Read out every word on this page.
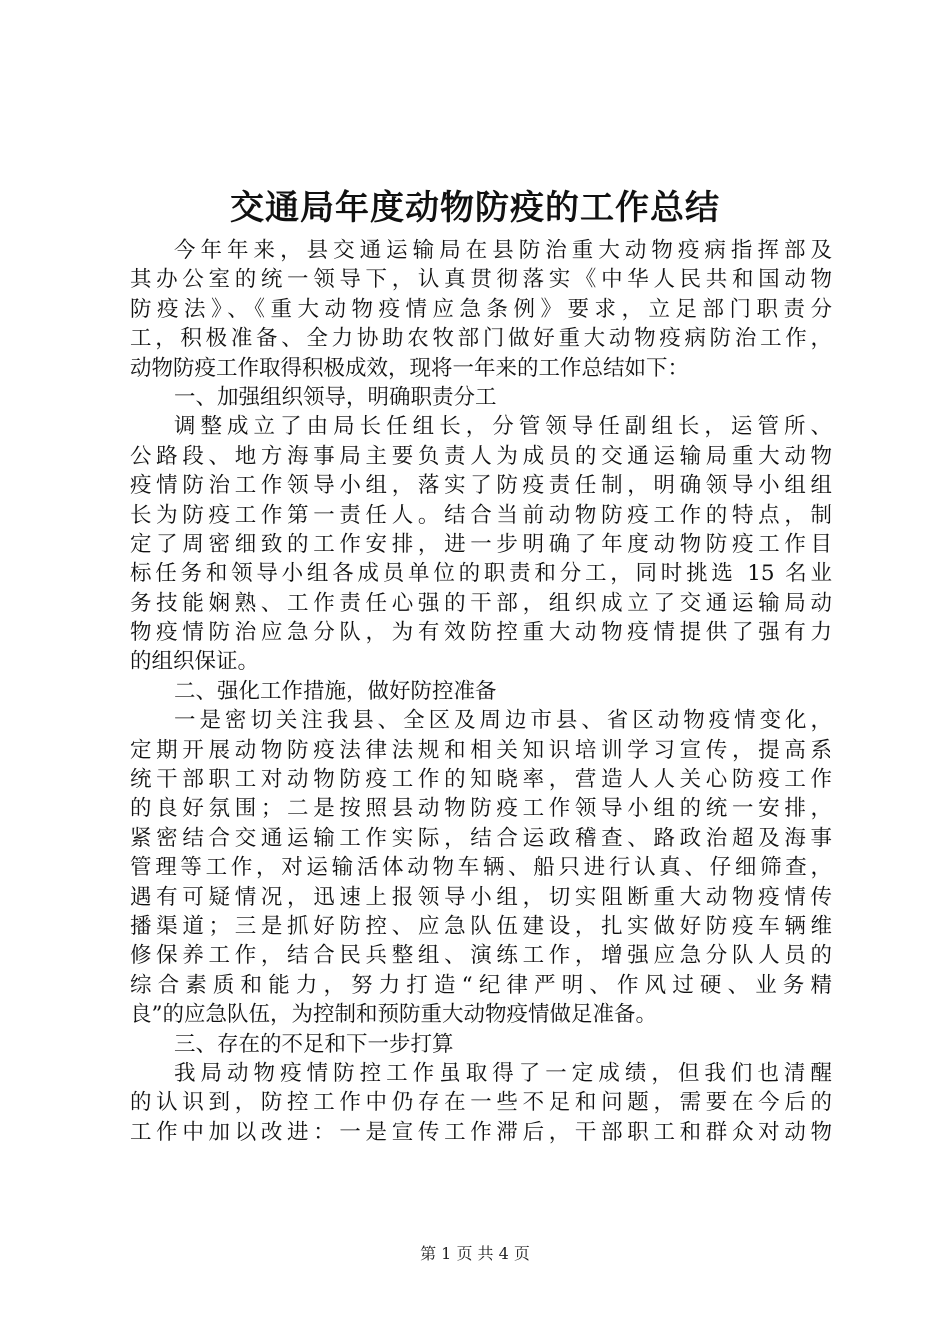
交通局年度动物防疫的工作总结
今年年来，县交通运输局在县防治重大动物疫病指挥部及
其办公室的统一领导下，认真贯彻落实《中华人民共和国动物
防疫法》、《重大动物疫情应急条例》要求，立足部门职责分
工，积极准备、全力协助农牧部门做好重大动物疫病防治工作，
动物防疫工作取得积极成效，现将一年来的工作总结如下：
一、加强组织领导，明确职责分工
调整成立了由局长任组长，分管领导任副组长，运管所、
公路段、地方海事局主要负责人为成员的交通运输局重大动物
疫情防治工作领导小组，落实了防疫责任制，明确领导小组组
长为防疫工作第一责任人。结合当前动物防疫工作的特点，制
定了周密细致的工作安排，进一步明确了年度动物防疫工作目
标任务和领导小组各成员单位的职责和分工，同时挑选 15 名业
务技能娴熟、工作责任心强的干部，组织成立了交通运输局动
物疫情防治应急分队，为有效防控重大动物疫情提供了强有力
的组织保证。
二、强化工作措施，做好防控准备
一是密切关注我县、全区及周边市县、省区动物疫情变化，
定期开展动物防疫法律法规和相关知识培训学习宣传，提高系
统干部职工对动物防疫工作的知晓率，营造人人关心防疫工作
的良好氛围；二是按照县动物防疫工作领导小组的统一安排，
紧密结合交通运输工作实际，结合运政稽查、路政治超及海事
管理等工作，对运输活体动物车辆、船只进行认真、仔细筛查，
遇有可疑情况，迅速上报领导小组，切实阻断重大动物疫情传
播渠道；三是抓好防控、应急队伍建设，扎实做好防疫车辆维
修保养工作，结合民兵整组、演练工作，增强应急分队人员的
综合素质和能力，努力打造“纪律严明、作风过硬、业务精
良”的应急队伍，为控制和预防重大动物疫情做足准备。
三、存在的不足和下一步打算
我局动物疫情防控工作虽取得了一定成绩，但我们也清醒
的认识到，防控工作中仍存在一些不足和问题，需要在今后的
工作中加以改进：一是宣传工作滞后，干部职工和群众对动物
第 1 页 共 4 页
